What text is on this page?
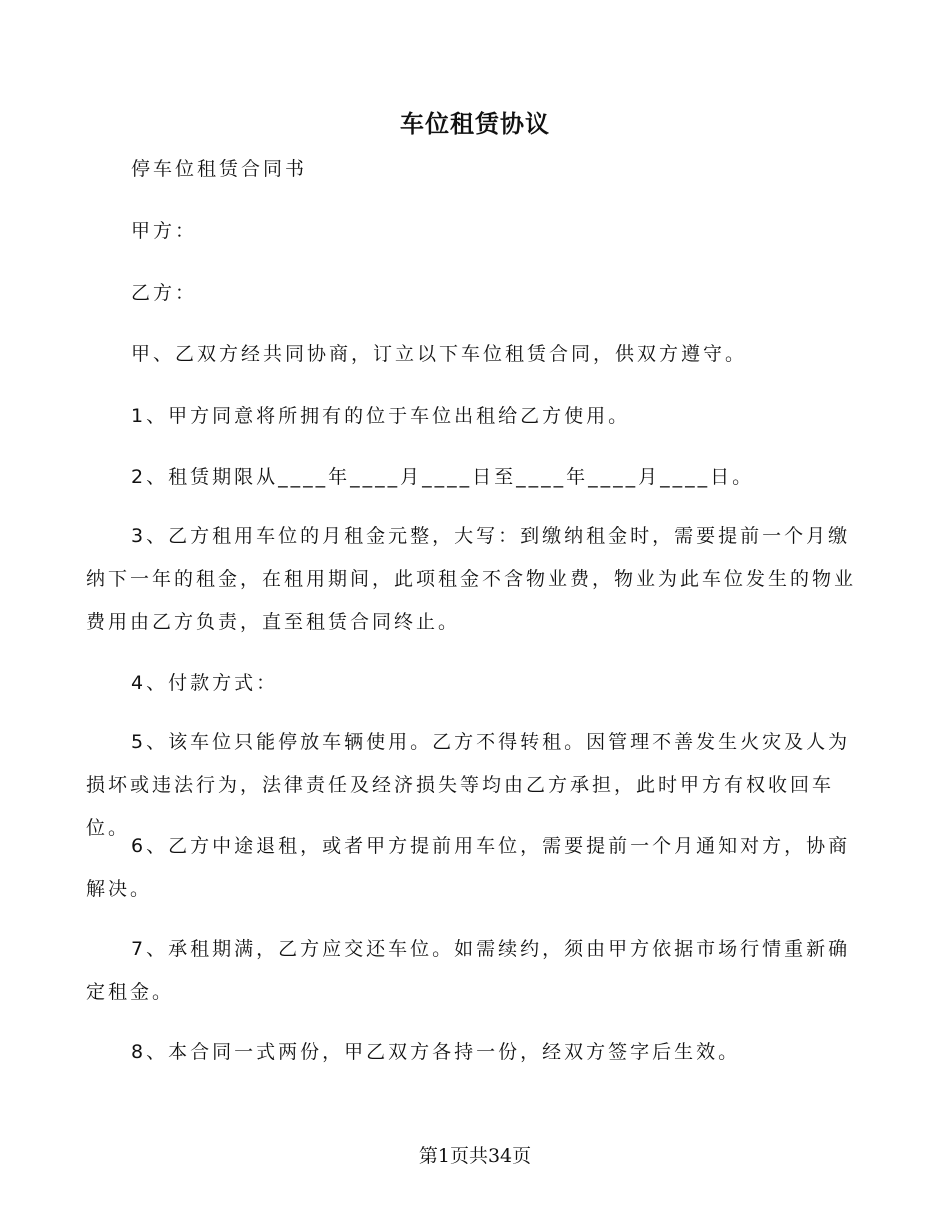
车位租赁协议

停车位租赁合同书

甲方：

乙方：

甲、乙双方经共同协商，订立以下车位租赁合同，供双方遵守。

1、甲方同意将所拥有的位于车位出租给乙方使用。

2、租赁期限从____年____月____日至____年____月____日。

3、乙方租用车位的月租金元整，大写：到缴纳租金时，需要提前一个月缴纳下一年的租金，在租用期间，此项租金不含物业费，物业为此车位发生的物业费用由乙方负责，直至租赁合同终止。

4、付款方式：

5、该车位只能停放车辆使用。乙方不得转租。因管理不善发生火灾及人为损坏或违法行为，法律责任及经济损失等均由乙方承担，此时甲方有权收回车位。

6、乙方中途退租，或者甲方提前用车位，需要提前一个月通知对方，协商解决。

7、承租期满，乙方应交还车位。如需续约，须由甲方依据市场行情重新确定租金。

8、本合同一式两份，甲乙双方各持一份，经双方签字后生效。

第1页共34页
